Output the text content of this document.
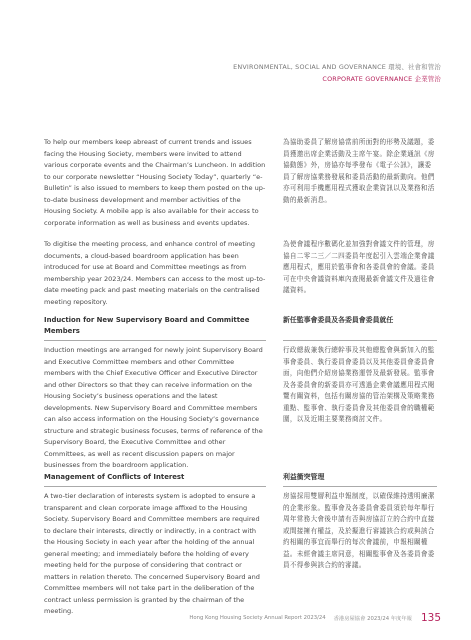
ENVIRONMENTAL, SOCIAL AND GOVERNANCE 環境、社會和管治
CORPORATE GOVERNANCE 企業管治

To help our members keep abreast of current trends and issues facing the Housing Society, members were invited to attend various corporate events and the Chairman’s Luncheon. In addition to our corporate newsletter “Housing Society Today”, quarterly “e-Bulletin” is also issued to members to keep them posted on the up-to-date business development and member activities of the Housing Society. A mobile app is also available for their access to corporate information as well as business and events updates.

為協助委員了解房協當前所面對的形勢及議題，委員獲邀出席企業活動及主席午宴。除企業通訊《房協動態》外，房協亦每季發布《電子公訊》，讓委員了解房協業務發展和委員活動的最新動向。他們亦可利用手機應用程式獲取企業資訊以及業務和活動的最新消息。

To digitise the meeting process, and enhance control of meeting documents, a cloud-based boardroom application has been introduced for use at Board and Committee meetings as from membership year 2023/24. Members can access to the most up-to-date meeting pack and past meeting materials on the centralised meeting repository.

為使會議程序數碼化並加強對會議文件的管理，房協自二零二三／二四委員年度起引入雲端企業會議應用程式，應用於監事會和各委員會的會議。委員可在中央會議資料庫內查閱最新會議文件及過往會議資料。

Induction for New Supervisory Board and Committee Members
新任監事會委員及各委員會委員就任

Induction meetings are arranged for newly joint Supervisory Board and Executive Committee members and other Committee members with the Chief Executive Officer and Executive Director and other Directors so that they can receive information on the Housing Society’s business operations and the latest developments. New Supervisory Board and Committee members can also access information on the Housing Society’s governance structure and strategic business focuses, terms of reference of the Supervisory Board, the Executive Committee and other Committees, as well as recent discussion papers on major businesses from the boardroom application.

行政總裁兼執行總幹事及其他總監會與新加入的監事會委員、執行委員會委員以及其他委員會委員會面，向他們介紹房協業務運營及最新發展。監事會及各委員會的新委員亦可透過企業會議應用程式閱覽有關資料，包括有關房協的管治架構及策略業務重點、監事會、執行委員會及其他委員會的職權範圍，以及近期主要業務商討文件。

Management of Conflicts of Interest	利益衝突管理

A two-tier declaration of interests system is adopted to ensure a transparent and clean corporate image affixed to the Housing Society. Supervisory Board and Committee members are required to declare their interests, directly or indirectly, in a contract with the Housing Society in each year after the holding of the annual general meeting; and immediately before the holding of every meeting held for the purpose of considering that contract or matters in relation thereto. The concerned Supervisory Board and Committee members will not take part in the deliberation of the contract unless permission is granted by the chairman of the meeting.

房協採用雙層利益申報制度，以確保維持透明廉潔的企業形象。監事會及各委員會委員須於每年舉行周年常務大會後申請有否與房協訂立的合約中直接或間接擁有權益，及於擬進行審議該合約或與該合約相關的事宜而舉行的每次會議前，申報相關權益。未經會議主席同意，相關監事會及各委員會委員不得參與該合約的審議。

Hong Kong Housing Society Annual Report 2023/24 香港房屋協會 2023/24 年度年報 135
